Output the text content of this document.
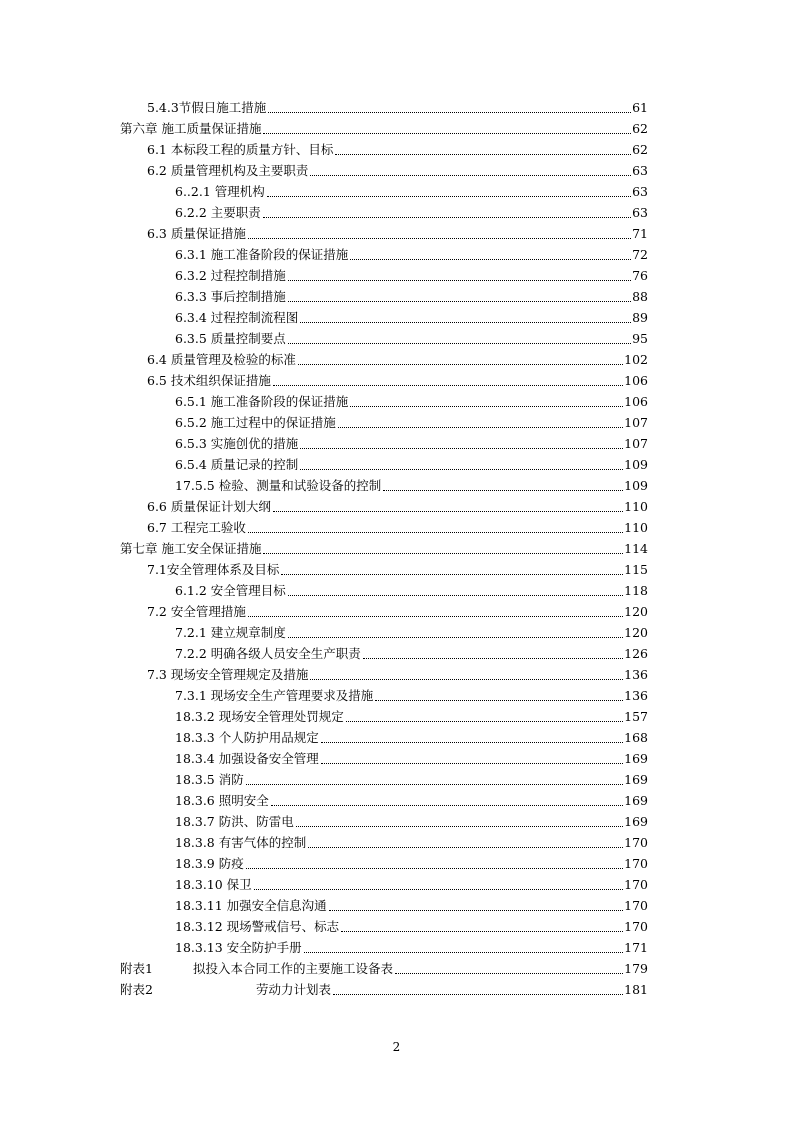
5.4.3节假日施工措施	61
第六章 施工质量保证措施	62
6.1 本标段工程的质量方针、目标	62
6.2 质量管理机构及主要职责	63
6..2.1 管理机构	63
6.2.2 主要职责	63
6.3 质量保证措施	71
6.3.1 施工准备阶段的保证措施	72
6.3.2 过程控制措施	76
6.3.3 事后控制措施	88
6.3.4 过程控制流程图	89
6.3.5 质量控制要点	95
6.4 质量管理及检验的标准	102
6.5 技术组织保证措施	106
6.5.1 施工准备阶段的保证措施	106
6.5.2 施工过程中的保证措施	107
6.5.3 实施创优的措施	107
6.5.4 质量记录的控制	109
17.5.5 检验、测量和试验设备的控制	109
6.6 质量保证计划大纲	110
6.7 工程完工验收	110
第七章 施工安全保证措施	114
7.1安全管理体系及目标	115
6.1.2 安全管理目标	118
7.2 安全管理措施	120
7.2.1 建立规章制度	120
7.2.2 明确各级人员安全生产职责	126
7.3 现场安全管理规定及措施	136
7.3.1 现场安全生产管理要求及措施	136
18.3.2 现场安全管理处罚规定	157
18.3.3 个人防护用品规定	168
18.3.4 加强设备安全管理	169
18.3.5 消防	169
18.3.6 照明安全	169
18.3.7 防洪、防雷电	169
18.3.8 有害气体的控制	170
18.3.9 防疫	170
18.3.10 保卫	170
18.3.11 加强安全信息沟通	170
18.3.12 现场警戒信号、标志	170
18.3.13 安全防护手册	171
附表1	拟投入本合同工作的主要施工设备表	179
附表2	劳动力计划表	181
2
